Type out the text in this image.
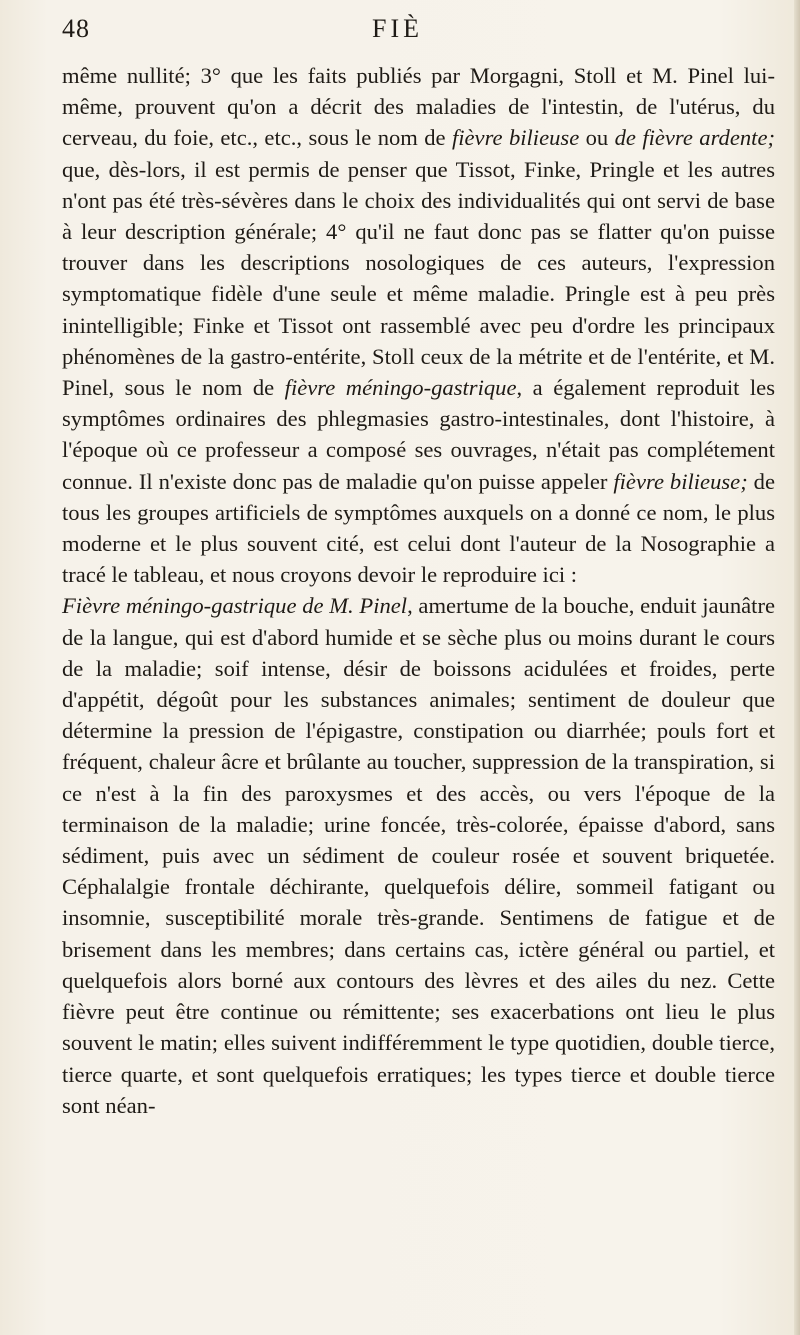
48	FIÈ

même nullité; 3° que les faits publiés par Morgagni, Stoll et M. Pinel lui-même, prouvent qu'on a décrit des maladies de l'intestin, de l'utérus, du cerveau, du foie, etc., etc., sous le nom de fièvre bilieuse ou de fièvre ardente; que, dès-lors, il est permis de penser que Tissot, Finke, Pringle et les autres n'ont pas été très-sévères dans le choix des individualités qui ont servi de base à leur description générale; 4° qu'il ne faut donc pas se flatter qu'on puisse trouver dans les descriptions nosologiques de ces auteurs, l'expression symptomatique fidèle d'une seule et même maladie. Pringle est à peu près inintelligible; Finke et Tissot ont rassemblé avec peu d'ordre les principaux phénomènes de la gastro-entérite, Stoll ceux de la métrite et de l'entérite, et M. Pinel, sous le nom de fièvre méningo-gastrique, a également reproduit les symptômes ordinaires des phlegmasies gastro-intestinales, dont l'histoire, à l'époque où ce professeur a composé ses ouvrages, n'était pas complétement connue. Il n'existe donc pas de maladie qu'on puisse appeler fièvre bilieuse; de tous les groupes artificiels de symptômes auxquels on a donné ce nom, le plus moderne et le plus souvent cité, est celui dont l'auteur de la Nosographie a tracé le tableau, et nous croyons devoir le reproduire ici :

Fièvre méningo-gastrique de M. Pinel, amertume de la bouche, enduit jaunâtre de la langue, qui est d'abord humide et se sèche plus ou moins durant le cours de la maladie; soif intense, désir de boissons acidulées et froides, perte d'appétit, dégoût pour les substances animales; sentiment de douleur que détermine la pression de l'épigastre, constipation ou diarrhée; pouls fort et fréquent, chaleur âcre et brûlante au toucher, suppression de la transpiration, si ce n'est à la fin des paroxysmes et des accès, ou vers l'époque de la terminaison de la maladie; urine foncée, très-colorée, épaisse d'abord, sans sédiment, puis avec un sédiment de couleur rosée et souvent briquetée. Céphalalgie frontale déchirante, quelquefois délire, sommeil fatigant ou insomnie, susceptibilité morale très-grande. Sentimens de fatigue et de brisement dans les membres; dans certains cas, ictère général ou partiel, et quelquefois alors borné aux contours des lèvres et des ailes du nez. Cette fièvre peut être continue ou rémittente; ses exacerbations ont lieu le plus souvent le matin; elles suivent indifféremment le type quotidien, double tierce, tierce quarte, et sont quelquefois erratiques; les types tierce et double tierce sont néan-
